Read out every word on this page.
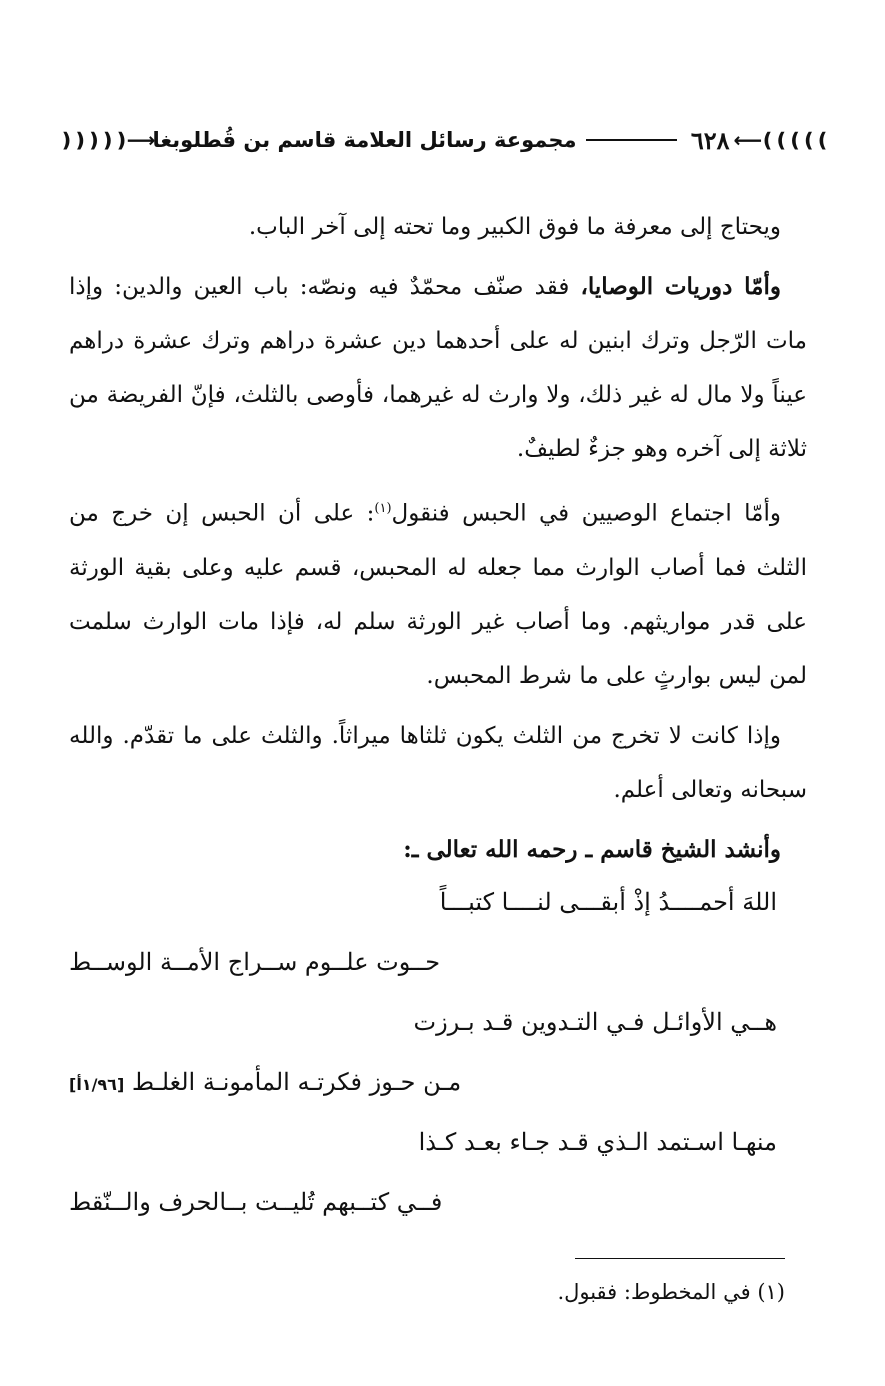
⟵❪❪❪❪❪
٦٢٨
مجموعة رسائل العلامة قاسم بن قُطلوبغا
❫❫❫❫❫⟶

ويحتاج إلى معرفة ما فوق الكبير وما تحته إلى آخر الباب.

وأمّا دوريات الوصايا، فقد صنّف محمّدٌ فيه ونصّه: باب العين والدين: وإذا مات الرّجل وترك ابنين له على أحدهما دين عشرة دراهم وترك عشرة دراهم عيناً ولا مال له غير ذلك، ولا وارث له غيرهما، فأوصى بالثلث، فإنّ الفريضة من ثلاثة إلى آخره وهو جزءٌ لطيفٌ.

وأمّا اجتماع الوصيين في الحبس فنقول$^{(١)}$: على أن الحبس إن خرج من الثلث فما أصاب الوارث مما جعله له المحبس، قسم عليه وعلى بقية الورثة على قدر مواريثهم. وما أصاب غير الورثة سلم له، فإذا مات الوارث سلمت لمن ليس بوارثٍ على ما شرط المحبس.

وإذا كانت لا تخرج من الثلث يكون ثلثاها ميراثاً. والثلث على ما تقدّم. والله سبحانه وتعالى أعلم.

وأنشد الشيخ قاسم ـ رحمه الله تعالى ـ:

اللهَ أحمــــدُ إذْ أبقـــى لنــــا كتبـــاً
حــوت علــوم ســراج الأمــة الوســط
هــي الأوائـل فـي التـدوين قـد بـرزت
مـن حـوز فكرتـه المأمونـة الغلـط [١/٩٦أ]
منهـا اسـتمد الـذي قـد جـاء بعـد كـذا
فــي كتــبهم تُليــت بــالحرف والــنّقط
(١) في المخطوط: فقبول.
